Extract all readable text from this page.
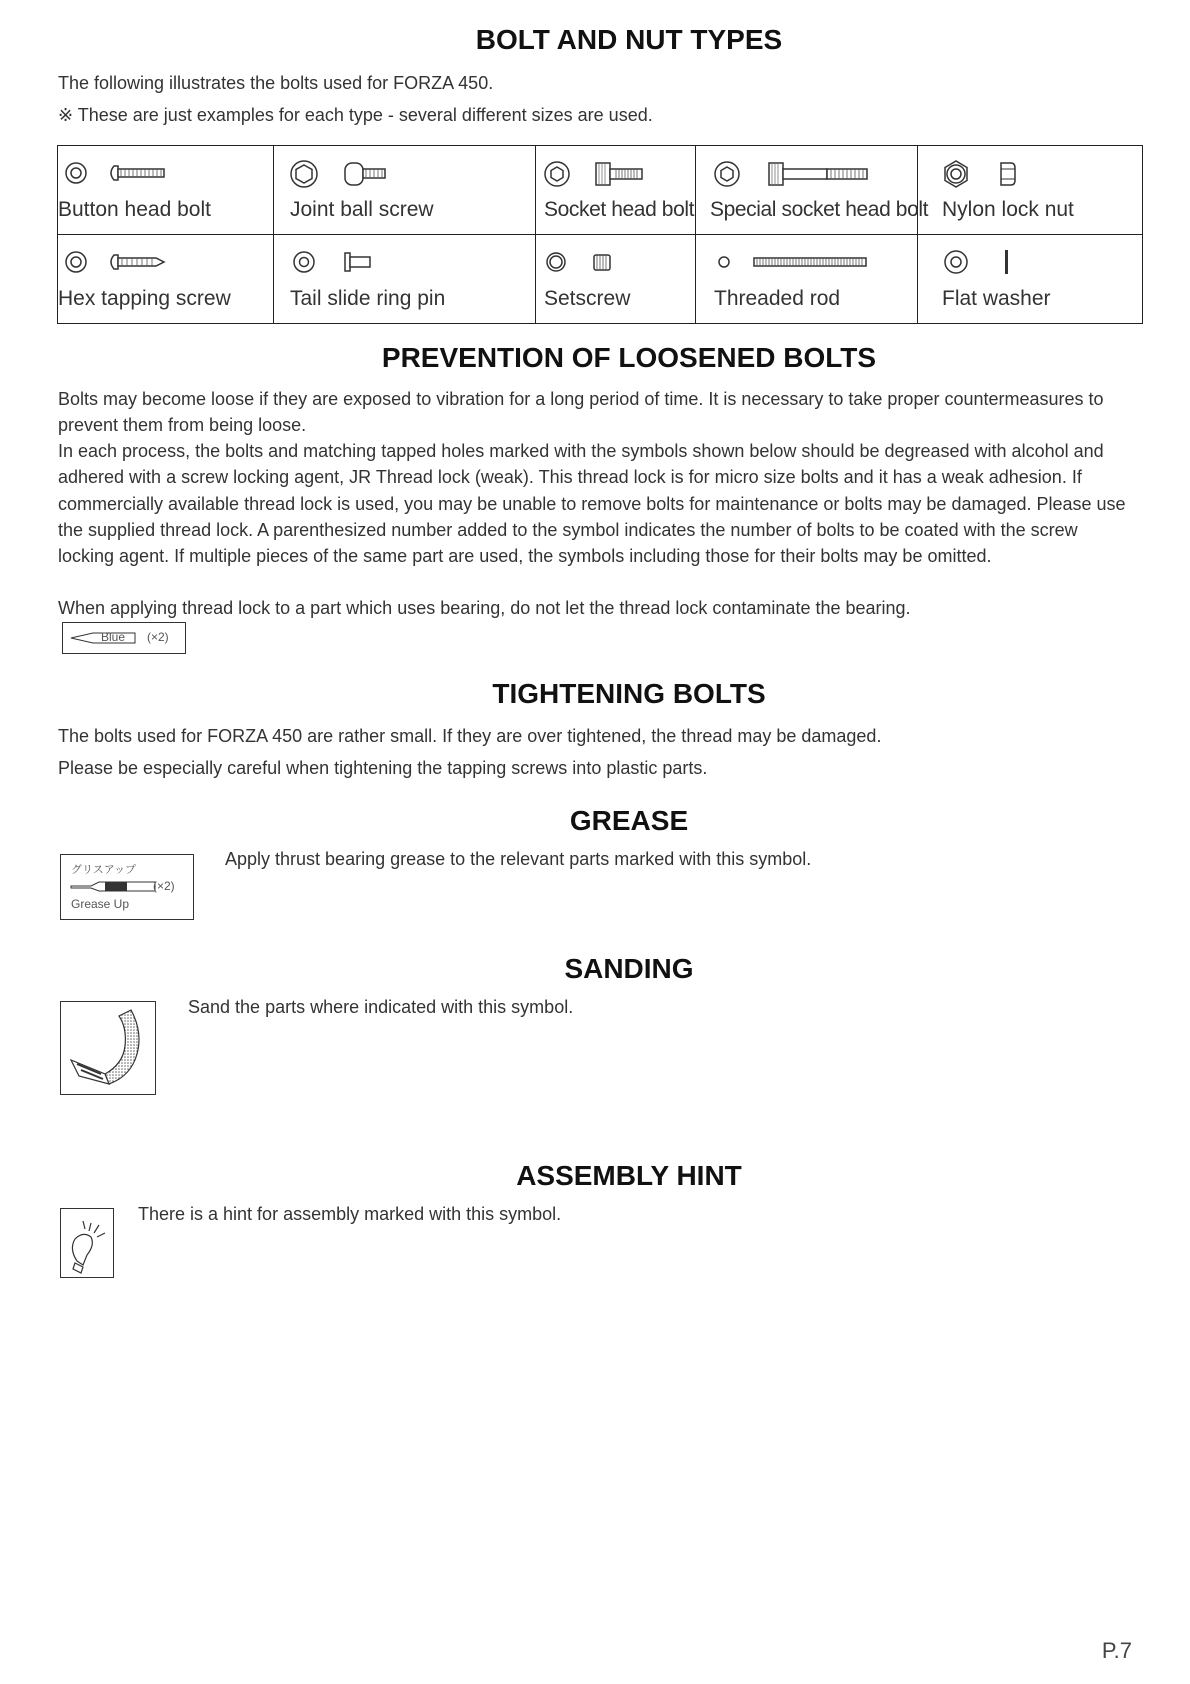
BOLT AND NUT TYPES

The following illustrates the bolts used for FORZA 450.

※ These are just examples for each type - several different sizes are used.

Button head bolt	Joint ball screw	Socket head bolt	Special socket head bolt	Nylon lock nut

Hex tapping screw	Tail slide ring pin	Setscrew	Threaded rod	Flat washer
PREVENTION OF LOOSENED BOLTS

Bolts may become loose if they are exposed to vibration for a long period of time. It is necessary to take proper countermeasures to prevent them from being loose.

In each process, the bolts and matching tapped holes marked with the symbols shown below should be degreased with alcohol and adhered with a screw locking agent, JR Thread lock (weak). This thread lock is for micro size bolts and it has a weak adhesion. If commercially available thread lock is used, you may be unable to remove bolts for maintenance or bolts may be damaged. Please use the supplied thread lock. A parenthesized number added to the symbol indicates the number of bolts to be coated with the screw locking agent. If multiple pieces of the same part are used, the symbols including those for their bolts may be omitted.

When applying thread lock to a part which uses bearing, do not let the thread lock contaminate the bearing.

Blue (×2)
TIGHTENING BOLTS

The bolts used for FORZA 450 are rather small. If they are over tightened, the thread may be damaged.

Please be especially careful when tightening the tapping screws into plastic parts.

GREASE
グリスアップ
(×2)
Grease Up

Apply thrust bearing grease to the relevant parts marked with this symbol.

SANDING

Sand the parts where indicated with this symbol.

ASSEMBLY HINT

There is a hint for assembly marked with this symbol.

P.7
